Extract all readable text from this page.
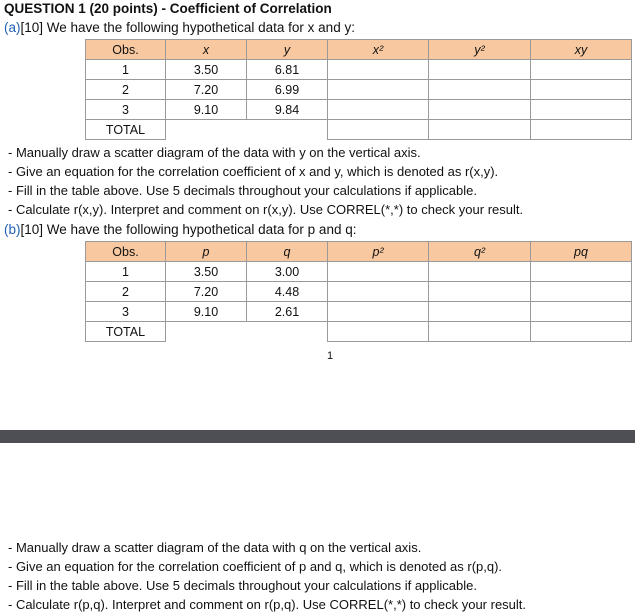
QUESTION 1 (20 points) - Coefficient of Correlation
(a)[10] We have the following hypothetical data for x and y:
Obs.	x	y	x²	y²	xy
1	3.50	6.81			
2	7.20	6.99			
3	9.10	9.84			
TOTAL					
- Manually draw a scatter diagram of the data with y on the vertical axis.
- Give an equation for the correlation coefficient of x and y, which is denoted as r(x,y).
- Fill in the table above. Use 5 decimals throughout your calculations if applicable.
- Calculate r(x,y). Interpret and comment on r(x,y). Use CORREL(*,*) to check your result.
(b)[10] We have the following hypothetical data for p and q:
Obs.	p	q	p²	q²	pq
1	3.50	3.00			
2	7.20	4.48			
3	9.10	2.61			
TOTAL					
1
- Manually draw a scatter diagram of the data with q on the vertical axis.
- Give an equation for the correlation coefficient of p and q, which is denoted as r(p,q).
- Fill in the table above. Use 5 decimals throughout your calculations if applicable.
- Calculate r(p,q). Interpret and comment on r(p,q). Use CORREL(*,*) to check your result.
